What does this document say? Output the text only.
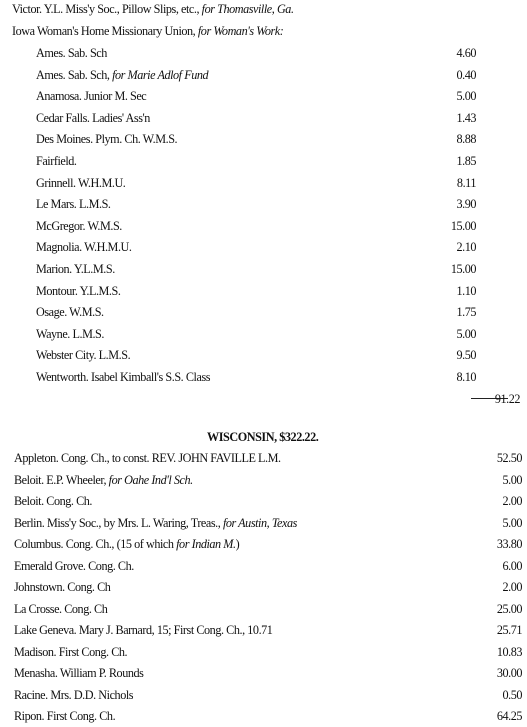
Victor. Y.L. Miss'y Soc., Pillow Slips, etc., for Thomasville, Ga.
Iowa Woman's Home Missionary Union, for Woman's Work:
Ames. Sab. Sch	4.60
Ames. Sab. Sch, for Marie Adlof Fund	0.40
Anamosa. Junior M. Sec	5.00
Cedar Falls. Ladies' Ass'n	1.43
Des Moines. Plym. Ch. W.M.S.	8.88
Fairfield.	1.85
Grinnell. W.H.M.U.	8.11
Le Mars. L.M.S.	3.90
McGregor. W.M.S.	15.00
Magnolia. W.H.M.U.	2.10
Marion. Y.L.M.S.	15.00
Montour. Y.L.M.S.	1.10
Osage. W.M.S.	1.75
Wayne. L.M.S.	5.00
Webster City. L.M.S.	9.50
Wentworth. Isabel Kimball's S.S. Class	8.10
91.22
WISCONSIN, $322.22.
Appleton. Cong. Ch., to const. REV. JOHN FAVILLE L.M.	52.50
Beloit. E.P. Wheeler, for Oahe Ind'l Sch.	5.00
Beloit. Cong. Ch.	2.00
Berlin. Miss'y Soc., by Mrs. L. Waring, Treas., for Austin, Texas	5.00
Columbus. Cong. Ch., (15 of which for Indian M.)	33.80
Emerald Grove. Cong. Ch.	6.00
Johnstown. Cong. Ch	2.00
La Crosse. Cong. Ch	25.00
Lake Geneva. Mary J. Barnard, 15; First Cong. Ch., 10.71	25.71
Madison. First Cong. Ch.	10.83
Menasha. William P. Rounds	30.00
Racine. Mrs. D.D. Nichols	0.50
Ripon. First Cong. Ch.	64.25
